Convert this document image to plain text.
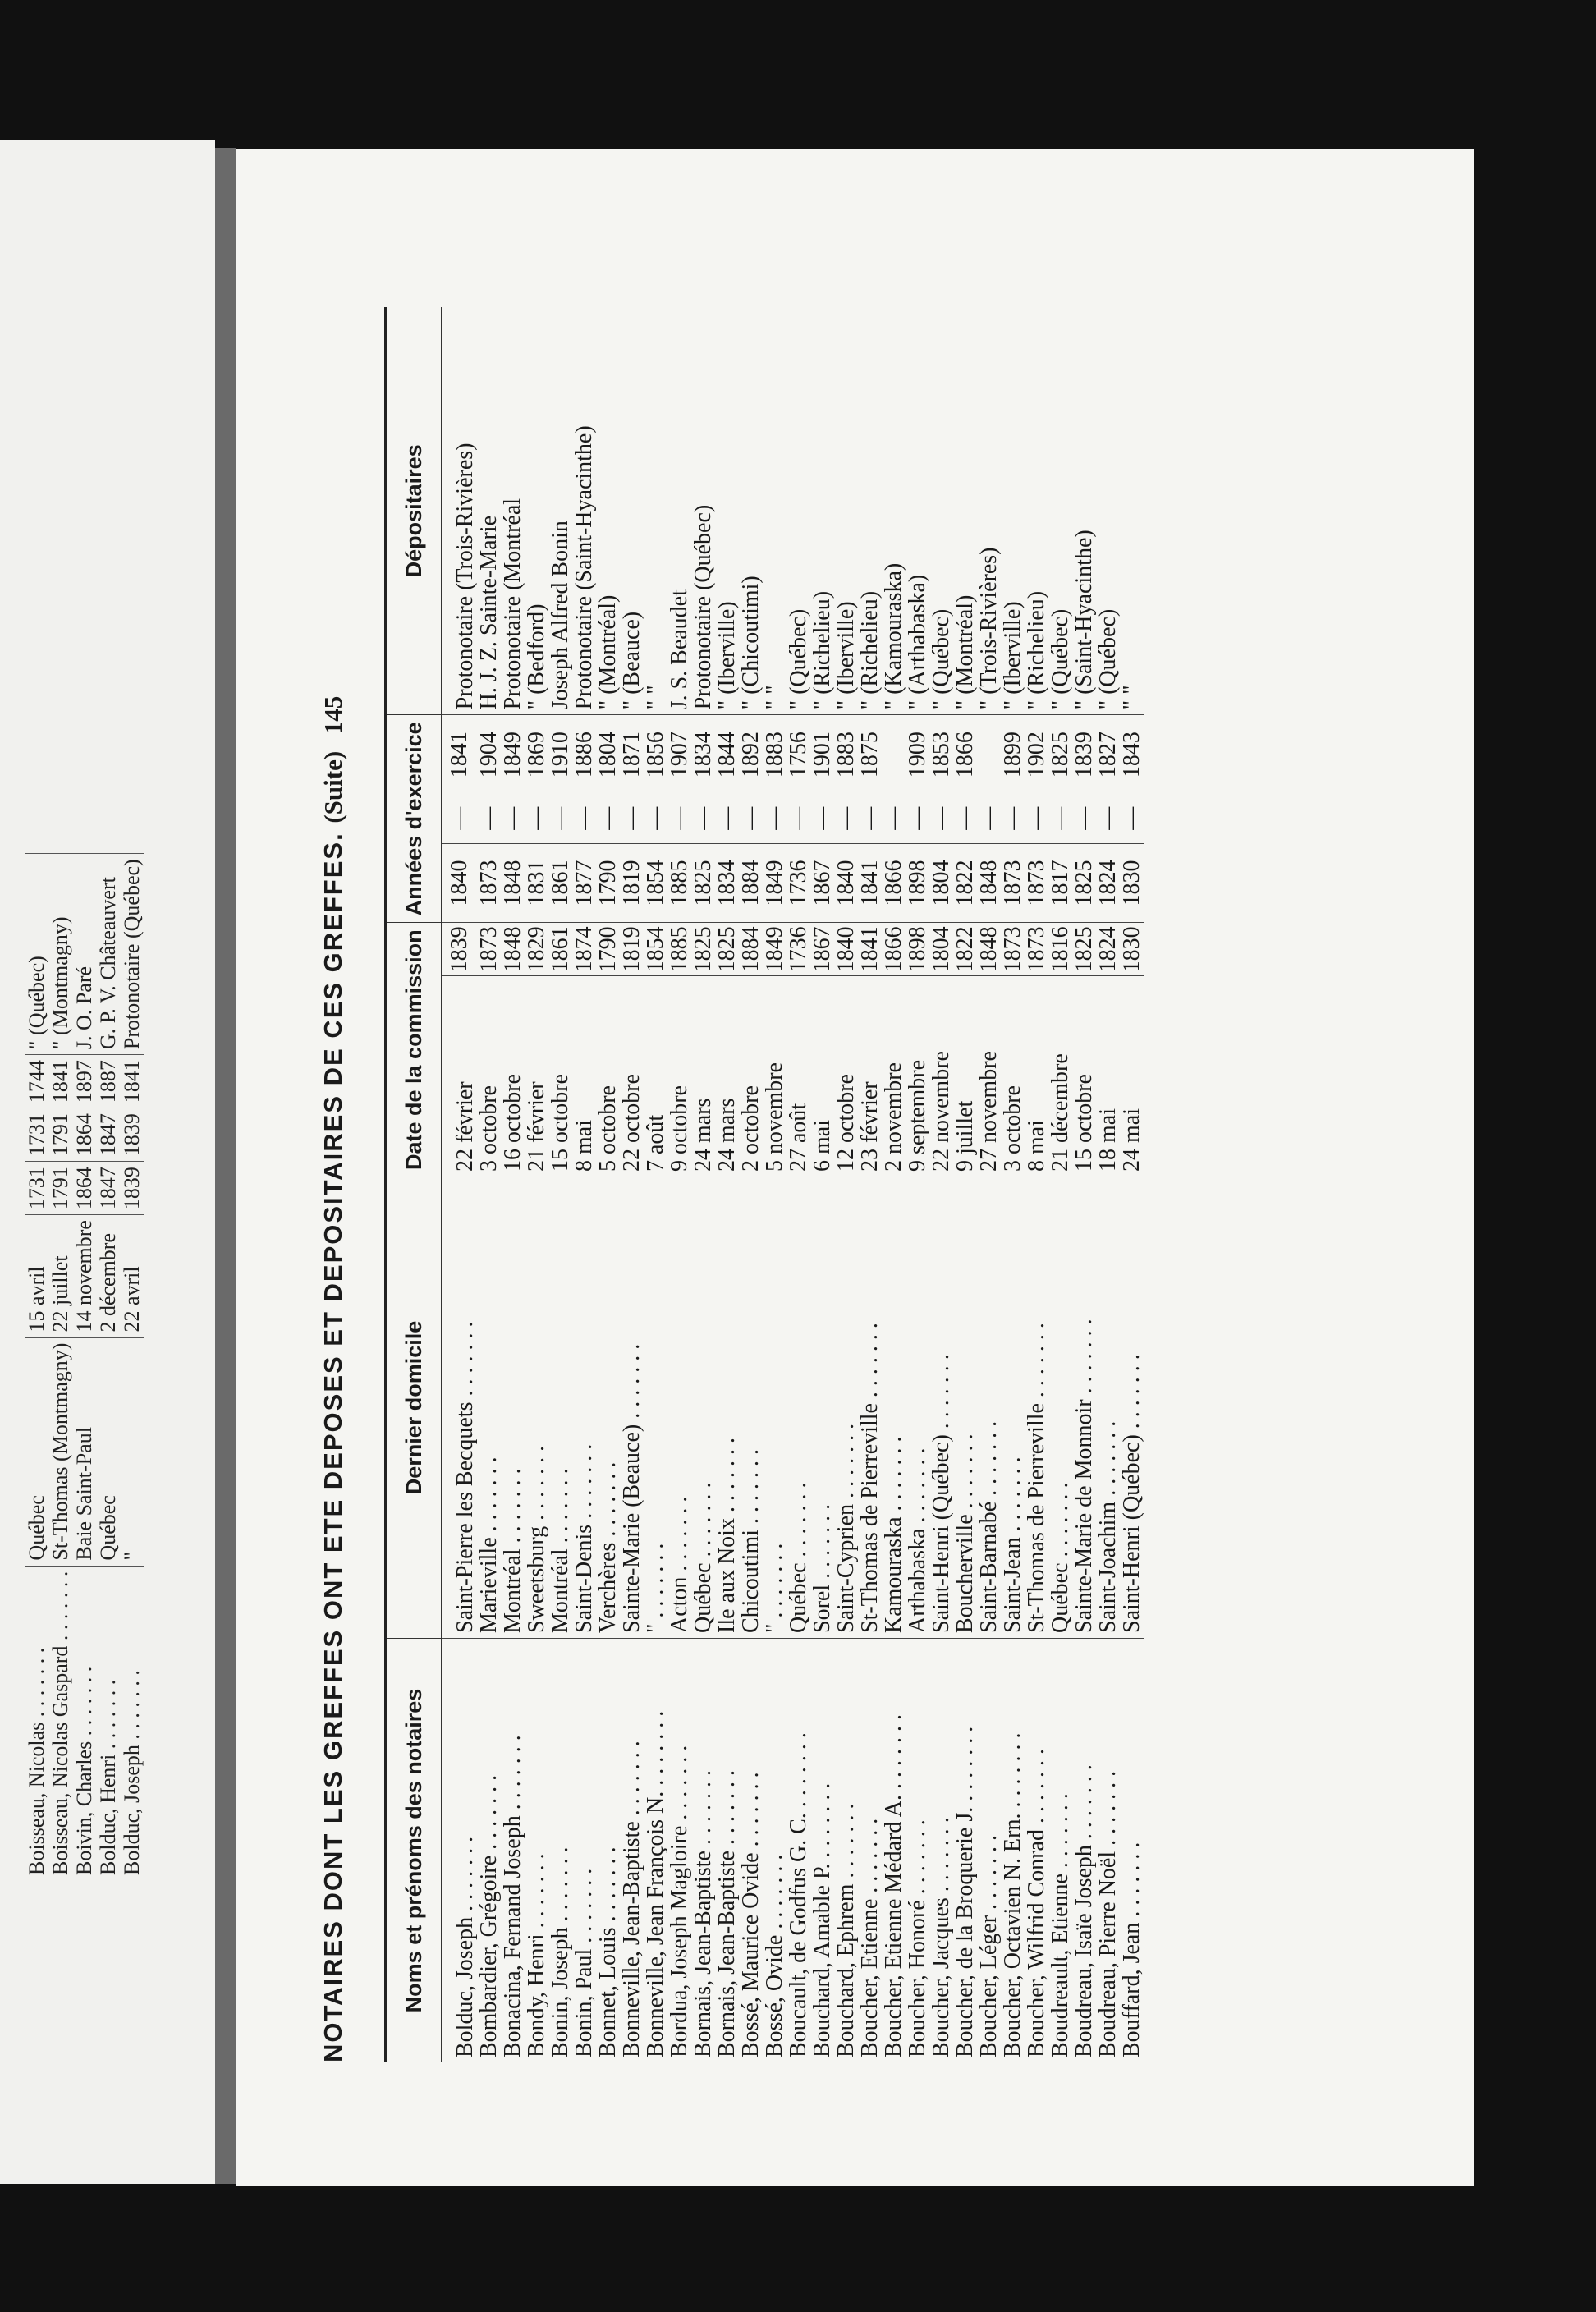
Boisseau, Nicolas . . . . . . .	Québec	15 avril	1731	1731	1744	" (Québec)
Boisseau, Nicolas Gaspard . . . . . . .	St-Thomas (Montmagny)	22 juillet	1791	1791	1841	" (Montmagny)
Boivin, Charles . . . . . . .	Baie Saint-Paul	14 novembre	1864	1864	1897	J. O. Paré
Bolduc, Henri . . . . . . .	Québec	2 décembre	1847	1847	1887	G. P. V. Châteauvert
Bolduc, Joseph . . . . . . .	"	22 avril	1839	1839	1841	Protonotaire (Québec)	NOTAIRES DONT LES GREFFES ONT ETE DEPOSES ET DEPOSITAIRES DE CES GREFFES. (Suite) 145
Noms et prénoms des notaires	Dernier domicile	Date de la commission		Années d'exercice			Dépositaires
Bolduc, Joseph . . . . . . .	Saint-Pierre les Becquets . . . . . . .	22 février	1839	1840	—	1841	Protonotaire (Trois-Rivières)
Bombardier, Grégoire . . . . . . .	Marieville . . . . . . .	3 octobre	1873	1873	—	1904	H. J. Z. Sainte-Marie
Bonacina, Fernand Joseph . . . . . . .	Montréal . . . . . . .	16 octobre	1848	1848	—	1849	Protonotaire (Montréal
Bondy, Henri . . . . . . .	Sweetsburg . . . . . . .	21 février	1829	1831	—	1869	" (Bedford)
Bonin, Joseph . . . . . . .	Montréal . . . . . . .	15 octobre	1861	1861	—	1910	Joseph Alfred Bonin
Bonin, Paul . . . . . . .	Saint-Denis . . . . . . .	8 mai	1874	1877	—	1886	Protonotaire (Saint-Hyacinthe)
Bonnet, Louis . . . . . . .	Verchères . . . . . . .	5 octobre	1790	1790	—	1804	" (Montréal)
Bonneville, Jean-Baptiste . . . . . . .	Sainte-Marie (Beauce) . . . . . . .	22 octobre	1819	1819	—	1871	" (Beauce)
Bonneville, Jean François N. . . . . . . .	" . . . . . . .	7 août	1854	1854	—	1856	" "
Bordua, Joseph Magloire . . . . . . .	Acton . . . . . . .	9 octobre	1885	1885	—	1907	J. S. Beaudet
Bornais, Jean-Baptiste . . . . . . .	Québec . . . . . . .	24 mars	1825	1825	—	1834	Protonotaire (Québec)
Bornais, Jean-Baptiste . . . . . . .	Ile aux Noix . . . . . . .	24 mars	1825	1834	—	1844	" (Iberville)
Bossé, Maurice Ovide . . . . . . .	Chicoutimi . . . . . . .	2 octobre	1884	1884	—	1892	" (Chicoutimi)
Bossé, Ovide . . . . . . .	" . . . . . . .	5 novembre	1849	1849	—	1883	" "
Boucault, de Godfus G. C. . . . . . . .	Québec . . . . . . .	27 août	1736	1736	—	1756	" (Québec)
Bouchard, Amable P. . . . . . . .	Sorel . . . . . . .	6 mai	1867	1867	—	1901	" (Richelieu)
Bouchard, Ephrem . . . . . . .	Saint-Cyprien . . . . . . .	12 octobre	1840	1840	—	1883	" (Iberville)
Boucher, Etienne . . . . . . .	St-Thomas de Pierreville . . . . . . .	23 février	1841	1841	—	1875	" (Richelieu)
Boucher, Etienne Médard A. . . . . . . .	Kamouraska . . . . . . .	2 novembre	1866	1866	—		" (Kamouraska)
Boucher, Honoré . . . . . . .	Arthabaska . . . . . . .	9 septembre	1898	1898	—	1909	" (Arthabaska)
Boucher, Jacques . . . . . . .	Saint-Henri (Québec) . . . . . . .	22 novembre	1804	1804	—	1853	" (Québec)
Boucher, de la Broquerie J. . . . . . . .	Boucherville . . . . . . .	9 juillet	1822	1822	—	1866	" (Montréal)
Boucher, Léger . . . . . . .	Saint-Barnabé . . . . . . .	27 novembre	1848	1848	—		" (Trois-Rivières)
Boucher, Octavien N. Ern. . . . . . . .	Saint-Jean . . . . . . .	3 octobre	1873	1873	—	1899	" (Iberville)
Boucher, Wilfrid Conrad . . . . . . .	St-Thomas de Pierreville . . . . . . .	8 mai	1873	1873	—	1902	" (Richelieu)
Boudreault, Etienne . . . . . . .	Québec . . . . . . .	21 décembre	1816	1817	—	1825	" (Québec)
Boudreau, Isaïe Joseph . . . . . . .	Sainte-Marie de Monnoir . . . . . . .	15 octobre	1825	1825	—	1839	" (Saint-Hyacinthe)
Boudreau, Pierre Noël . . . . . . .	Saint-Joachim . . . . . . .	18 mai	1824	1824	—	1827	" (Québec)
Bouffard, Jean . . . . . . .	Saint-Henri (Québec) . . . . . . .	24 mai	1830	1830	—	1843	" "
